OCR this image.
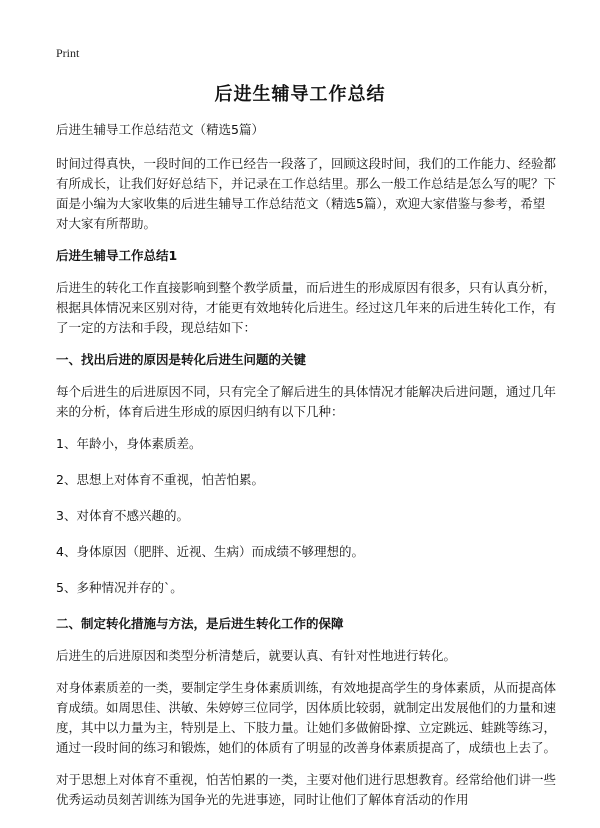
Print
后进生辅导工作总结

后进生辅导工作总结范文（精选5篇）

时间过得真快，一段时间的工作已经告一段落了，回顾这段时间，我们的工作能力、经验都有所成长，让我们好好总结下，并记录在工作总结里。那么一般工作总结是怎么写的呢？下面是小编为大家收集的后进生辅导工作总结范文（精选5篇），欢迎大家借鉴与参考，希望对大家有所帮助。

后进生辅导工作总结1

后进生的转化工作直接影响到整个教学质量，而后进生的形成原因有很多，只有认真分析，根据具体情况来区别对待，才能更有效地转化后进生。经过这几年来的后进生转化工作，有了一定的方法和手段，现总结如下：

一、找出后进的原因是转化后进生问题的关键

每个后进生的后进原因不同，只有完全了解后进生的具体情况才能解决后进问题，通过几年来的分析，体育后进生形成的原因归纳有以下几种：

1、年龄小，身体素质差。

2、思想上对体育不重视，怕苦怕累。

3、对体育不感兴趣的。

4、身体原因（肥胖、近视、生病）而成绩不够理想的。

5、多种情况并存的`。

二、制定转化措施与方法，是后进生转化工作的保障

后进生的后进原因和类型分析清楚后，就要认真、有针对性地进行转化。

对身体素质差的一类，要制定学生身体素质训练，有效地提高学生的身体素质，从而提高体育成绩。如周思佳、洪敏、朱婷婷三位同学，因体质比较弱，就制定出发展他们的力量和速度，其中以力量为主，特别是上、下肢力量。让她们多做俯卧撑、立定跳远、蛙跳等练习，通过一段时间的练习和锻炼，她们的体质有了明显的改善身体素质提高了，成绩也上去了。

对于思想上对体育不重视，怕苦怕累的一类，主要对他们进行思想教育。经常给他们讲一些优秀运动员刻苦训练为国争光的先进事迹，同时让他们了解体育活动的作用
